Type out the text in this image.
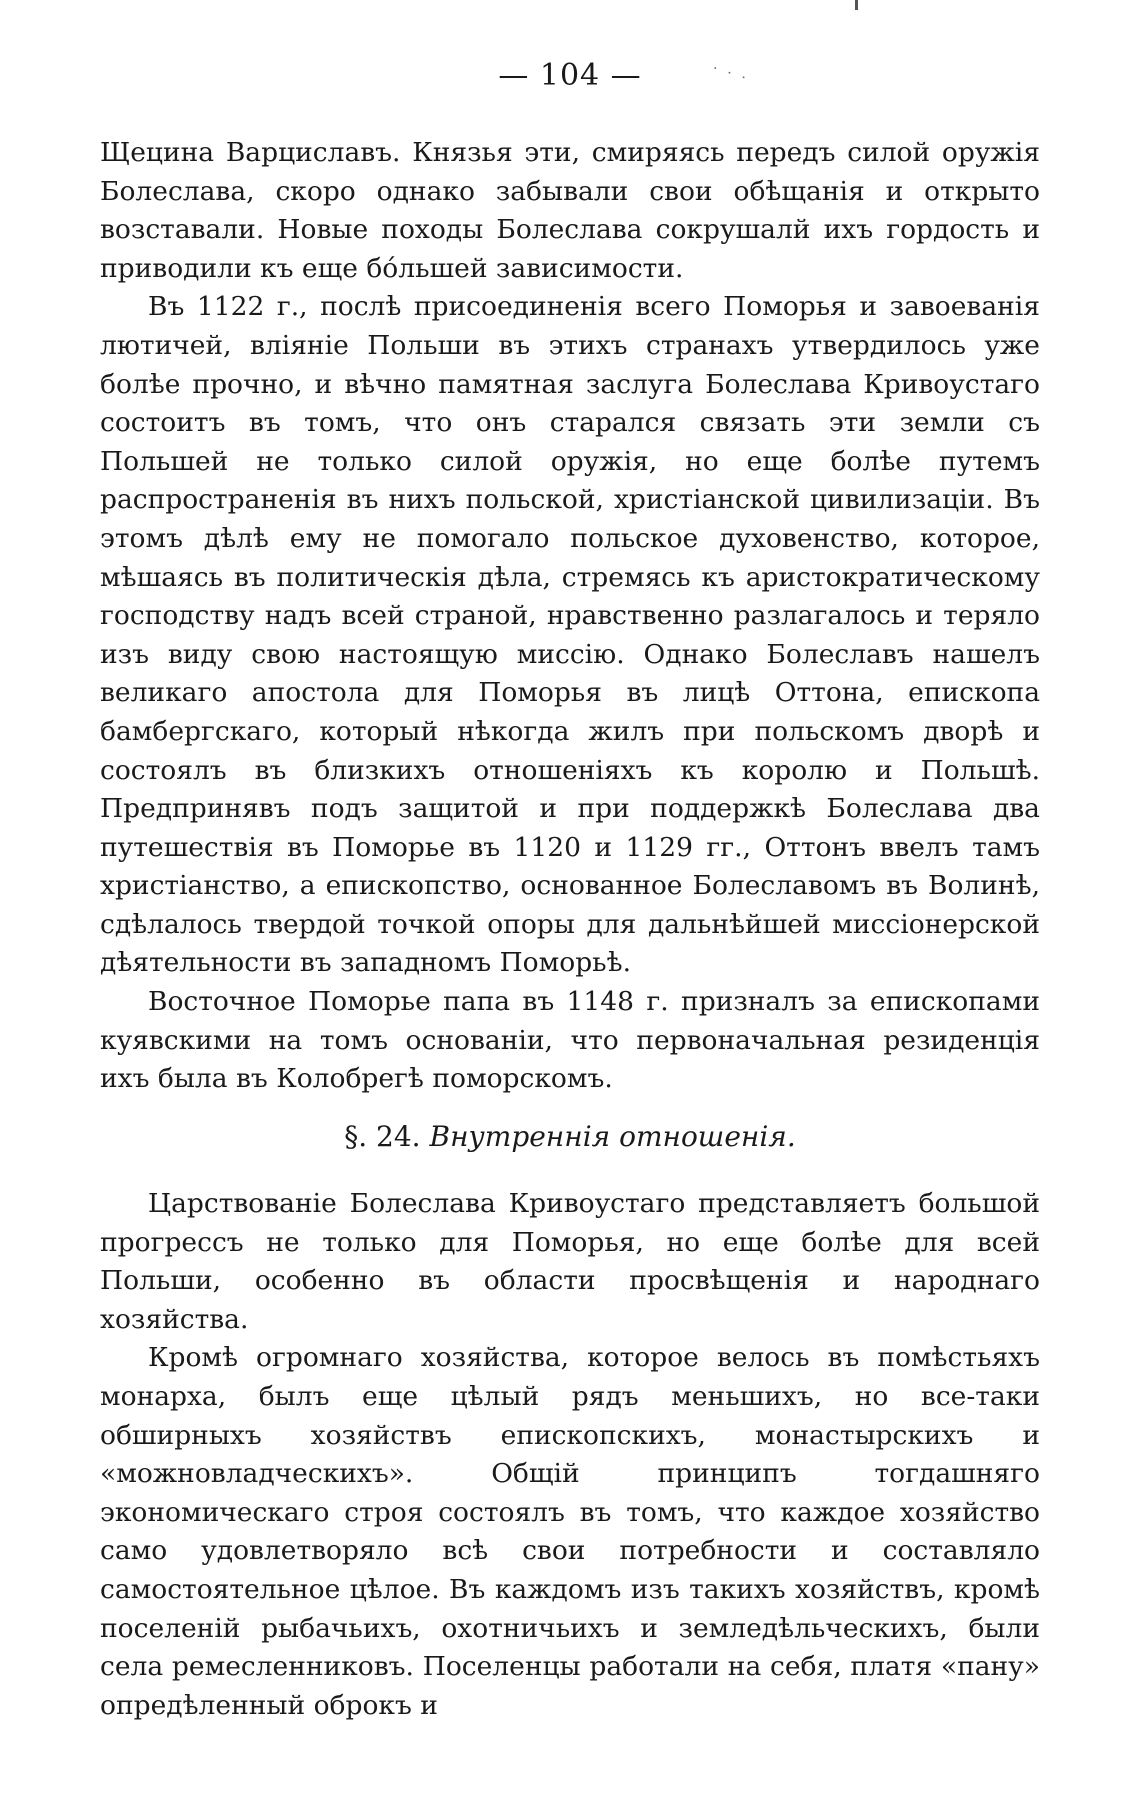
· · ·
— 104 —

Щецина Варциславъ. Князья эти, смиряясь передъ силой оружія Болеслава, скоро однако забывали свои обѣщанія и открыто возставали. Новые походы Болеслава сокрушалй ихъ гордость и приводили къ еще бóльшей зависимости.

Въ 1122 г., послѣ присоединенія всего Поморья и завоеванія лютичей, вліяніе Польши въ этихъ странахъ утвердилось уже болѣе прочно, и вѣчно памятная заслуга Болеслава Кривоустаго состоитъ въ томъ, что онъ старался связать эти земли съ Польшей не только силой оружія, но еще болѣе путемъ распространенія въ нихъ польской, христіанской цивилизаціи. Въ этомъ дѣлѣ ему не помогало польское духовенство, которое, мѣшаясь въ политическія дѣла, стремясь къ аристократическому господству надъ всей страной, нравственно разлагалось и теряло изъ виду свою настоящую миссію. Однако Болеславъ нашелъ великаго апостола для Поморья въ лицѣ Оттона, епископа бамбергскаго, который нѣкогда жилъ при польскомъ дворѣ и состоялъ въ близкихъ отношеніяхъ къ королю и Польшѣ. Предпринявъ подъ защитой и при поддержкѣ Болеслава два путешествія въ Поморье въ 1120 и 1129 гг., Оттонъ ввелъ тамъ христіанство, а епископство, основанное Болеславомъ въ Волинѣ, сдѣлалось твердой точкой опоры для дальнѣйшей миссіонерской дѣятельности въ западномъ Поморьѣ.

Восточное Поморье папа въ 1148 г. призналъ за епископами куявскими на томъ основаніи, что первоначальная резиденція ихъ была въ Колобрегѣ поморскомъ.

§. 24. Внутреннія отношенія.

Царствованіе Болеслава Кривоустаго представляетъ большой прогрессъ не только для Поморья, но еще болѣе для всей Польши, особенно въ области просвѣщенія и народнаго хозяйства.

Кромѣ огромнаго хозяйства, которое велось въ помѣстьяхъ монарха, былъ еще цѣлый рядъ меньшихъ, но все-таки обширныхъ хозяйствъ епископскихъ, монастырскихъ и «можновладческихъ». Общій принципъ тогдашняго экономическаго строя состоялъ въ томъ, что каждое хозяйство само удовлетворяло всѣ свои потребности и составляло самостоятельное цѣлое. Въ каждомъ изъ такихъ хозяйствъ, кромѣ поселеній рыбачьихъ, охотничьихъ и земледѣльческихъ, были села ремесленниковъ. Поселенцы работали на себя, платя «пану» опредѣленный оброкъ и
